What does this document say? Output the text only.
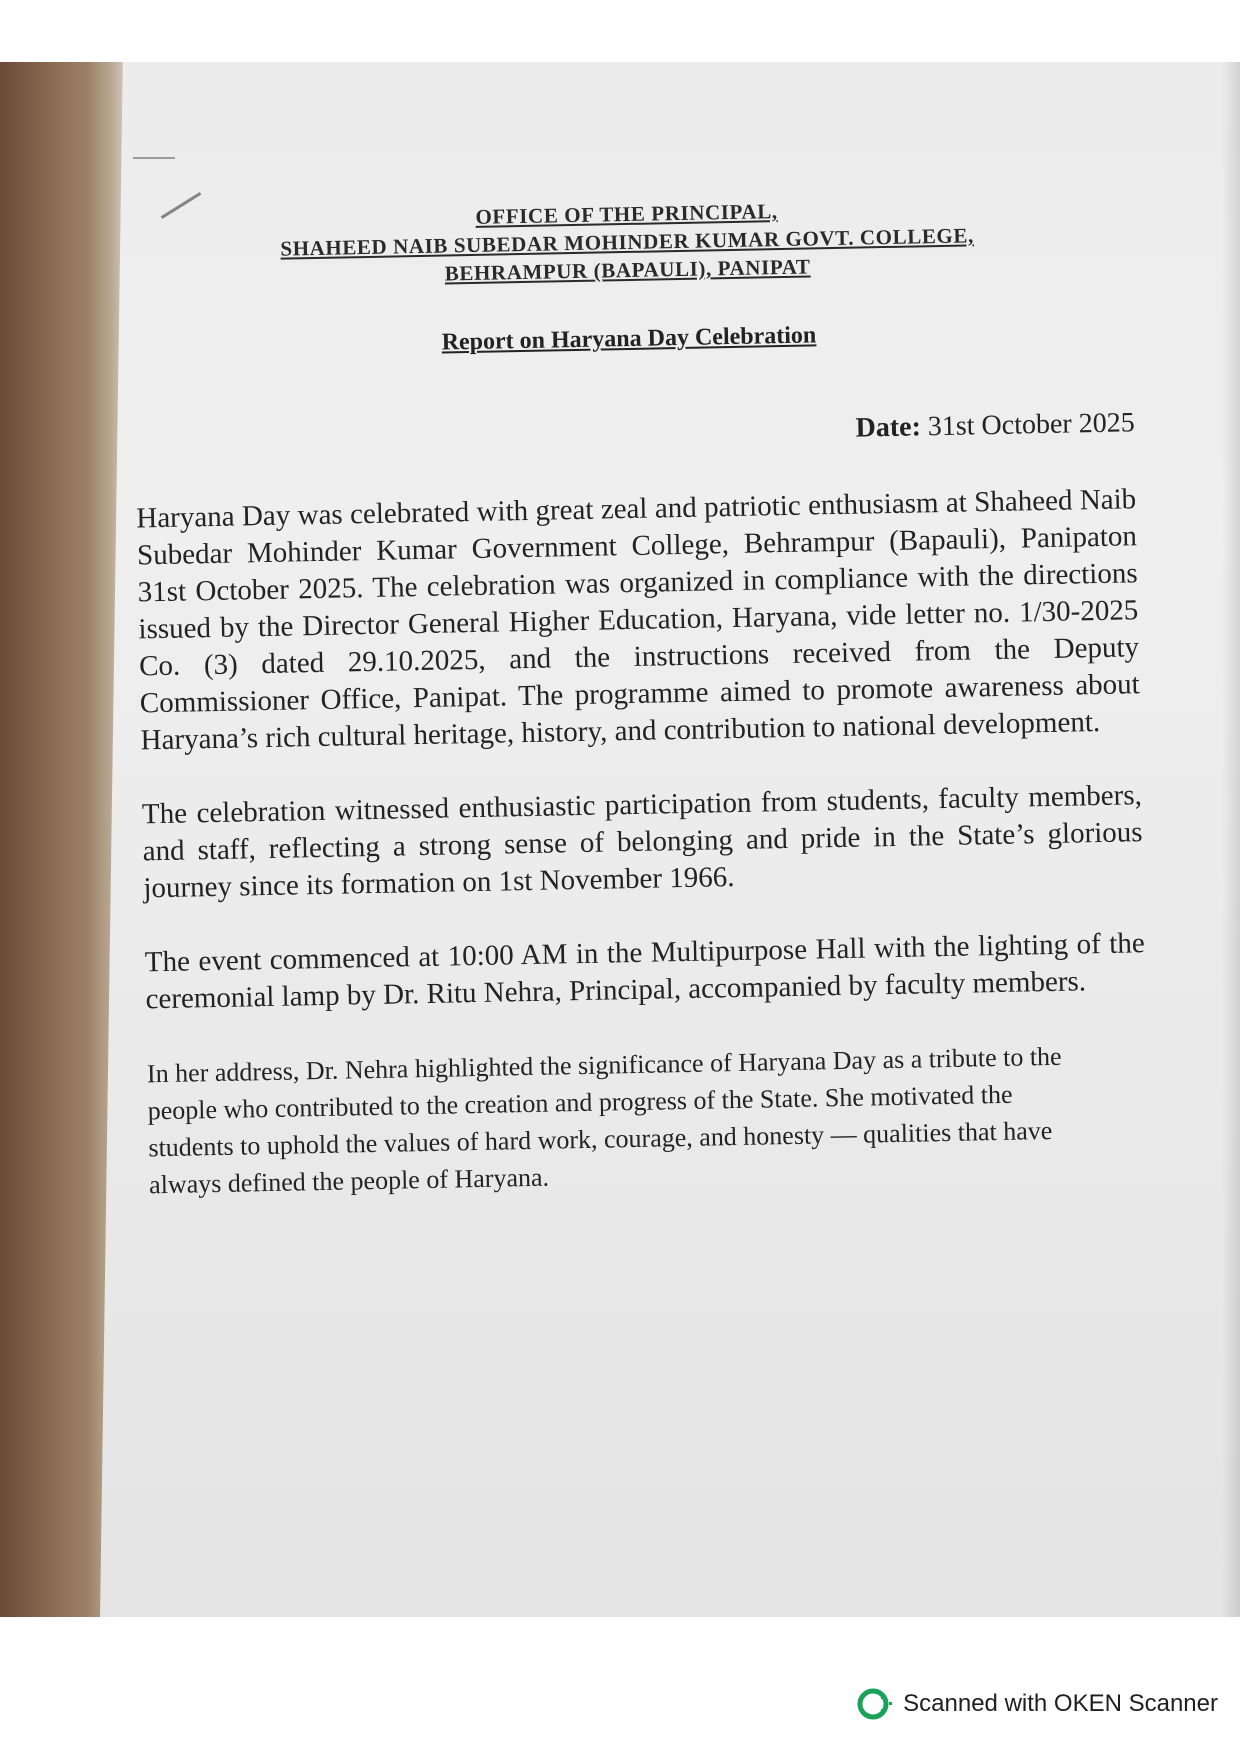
OFFICE OF THE PRINCIPAL,
SHAHEED NAIB SUBEDAR MOHINDER KUMAR GOVT. COLLEGE,
BEHRAMPUR (BAPAULI), PANIPAT
Report on Haryana Day Celebration
Date: 31st October 2025

Haryana Day was celebrated with great zeal and patriotic enthusiasm at Shaheed Naib Subedar Mohinder Kumar Government College, Behrampur (Bapauli), Panipaton 31st October 2025. The celebration was organized in compliance with the directions issued by the Director General Higher Education, Haryana, vide letter no. 1/30-2025 Co. (3) dated 29.10.2025, and the instructions received from the Deputy Commissioner Office, Panipat. The programme aimed to promote awareness about Haryana’s rich cultural heritage, history, and contribution to national development.

The celebration witnessed enthusiastic participation from students, faculty members, and staff, reflecting a strong sense of belonging and pride in the State’s glorious journey since its formation on 1st November 1966.

The event commenced at 10:00 AM in the Multipurpose Hall with the lighting of the ceremonial lamp by Dr. Ritu Nehra, Principal, accompanied by faculty members.

In her address, Dr. Nehra highlighted the significance of Haryana Day as a tribute to the people who contributed to the creation and progress of the State. She motivated the students to uphold the values of hard work, courage, and honesty — qualities that have always defined the people of Haryana.

Scanned with OKEN Scanner
